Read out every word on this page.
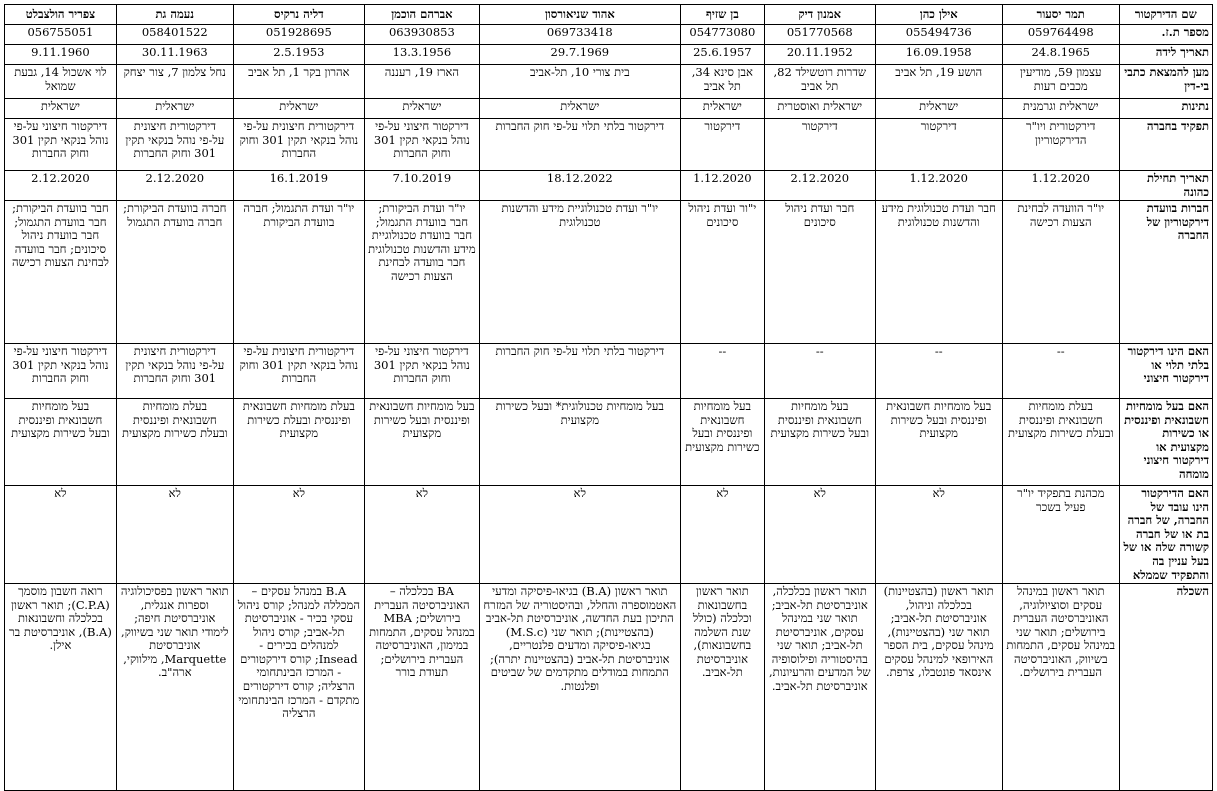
שם הדירקטור	תמר יסעור	אילן כהן	אמנון דיק	בן שזיף	אהוד שניאורסון	אברהם הוכמן	דליה נרקיס	נעמה גת	צפריר הולצבלט
מספר ת.ז.	059764498	055494736	051770568	054773080	069733418	063930853	051928695	058401522	056755051
תאריך לידה	24.8.1965	16.09.1958	20.11.1952	25.6.1957	29.7.1969	13.3.1956	2.5.1953	30.11.1963	9.11.1960
מען להמצאת כתבי בי-דין	עצמון 59, מודיעין מכבים רעות	הושע 19, תל אביב	שדרות רוטשילד 82, תל אביב	אבן סינא 34, תל אביב	בית צורי 10, תל-אביב	הארז 19, רעננה	אהרון בקר 1, תל אביב	נחל צלמון 7, צור יצחק	לוי אשכול 14, גבעת שמואל
נתינות	ישראלית וגרמנית	ישראלית	ישראלית ואוסטרית	ישראלית	ישראלית	ישראלית	ישראלית	ישראלית	ישראלית
תפקיד בחברה	דירקטורית ויו"ר הדירקטוריון	דירקטור	דירקטור	דירקטור	דירקטור בלתי תלוי על-פי חוק החברות	דירקטור חיצוני על-פי נוהל בנקאי תקין 301 וחוק החברות	דירקטורית חיצונית על-פי נוהל בנקאי תקין 301 וחוק החברות	דירקטורית חיצונית על-פי נוהל בנקאי תקין 301 וחוק החברות	דירקטור חיצוני על-פי נוהל בנקאי תקין 301 וחוק החברות
תאריך תחילת כהונה	1.12.2020	1.12.2020	2.12.2020	1.12.2020	18.12.2022	7.10.2019	16.1.2019	2.12.2020	2.12.2020
חברות בוועדת דירקטוריון של החברה	יו"ר הוועדה לבחינת הצעות רכישה	חבר ועדת טכנולוגית מידע והדשנות טכנולוגית	חבר ועדת ניהול סיכונים	י"ור ועדת ניהול סיכונים	יו"ר ועדת טכנולוגיית מידע והדשנות טכנולוגית	יו"ר ועדת הביקורת; חבר בוועדת התגמול; חבר בוועדת טכנולוגיית מידע והדשנות טכנולוגית חבר בוועדה לבחינת הצעות רכישה	יו"ר ועדת התגמול; חברה בוועדת הביקורת	חברה בוועדת הביקורת; חברה בוועדת התגמול	חבר בוועדת הביקורת; חבר בוועדת התגמול; חבר בוועדת ניהול סיכונים; חבר בוועדה לבחינת הצעות רכישה
האם הינו דירקטור בלתי תלוי או דירקטור חיצוני	--	--	--	--	דירקטור בלתי תלוי על-פי חוק החברות	דירקטור חיצוני על-פי נוהל בנקאי תקין 301 וחוק החברות	דירקטורית חיצונית על-פי נוהל בנקאי תקין 301 וחוק החברות	דירקטורית חיצונית על-פי נוהל בנקאי תקין 301 וחוק החברות	דירקטור חיצוני על-פי נוהל בנקאי תקין 301 וחוק החברות
האם בעל מומחיות חשבונאית ופיננסית או כשירות מקצועית או דירקטור חיצוני מומחה	בעלת מומחיות חשבונאית ופיננסית ובעלת כשירות מקצועית	בעל מומחיות חשבונאית ופיננסית ובעל כשירות מקצועית	בעל מומחיות חשבונאית ופיננסית ובעל כשירות מקצועית	בעל מומחיות חשבונאית ופיננסית ובעל כשירות מקצועית	בעל מומחיות טכנולוגית* ובעל כשירות מקצועית	בעל מומחיות חשבונאית ופיננסית ובעל כשירות מקצועית	בעלת מומחיות חשבונאית ופיננסית ובעלת כשירות מקצועית	בעלת מומחיות חשבונאית ופיננסית ובעלת כשירות מקצועית	בעל מומחיות חשבונאית ופיננסית ובעל כשירות מקצועית
האם הדירקטור הינו עובד של החברה, של חברה בת או של חברה קשורה שלה או של בעל עניין בה והתפקיד שממלא	מכהנת בתפקיד יו"ר פעיל בשכר	לא	לא	לא	לא	לא	לא	לא	לא
השכלה	תואר ראשון במינהל עסקים וסוציולוגיה, האוניברסיטה העברית בירושלים; תואר שני במינהל עסקים, התמחות בשיווק, האוניברסיטה העברית בירושלים.	תואר ראשון (בהצטיינות) בכלכלה וניהול, אוניברסיטת תל-אביב; תואר שני (בהצטיינות), מינהל עסקים, בית הספר האירופאי למינהל עסקים אינסאד פונטבלו, צרפת.	תואר ראשון בכלכלה, אוניברסיטת תל-אביב; תואר שני במינהל עסקים, אוניברסיטת תל-אביב; תואר שני בהיסטוריה ופילוסופיה של המדעים והרעיונות, אוניברסיטת תל-אביב.	תואר ראשון בחשבונאות וכלכלה (כולל שנת השלמה בחשבונאות), אוניברסיטת תל-אביב.	תואר ראשון (B.A) בגיאו-פיסיקה ומדעי האטמוספרה והחלל, ובהיסטוריה של המזרח התיכון בעת החדשה, אוניברסיטת תל-אביב (בהצטיינות); תואר שני (M.S.c) בגיאו-פיסיקה ומדעים פלנטריים, אוניברסיטת תל-אביב (בהצטיינות יתרה); התמחות במודלים מתקדמים של שביטים ופלנטות.	BA בכלכלה – האוניברסיטה העברית בירושלים; MBA במנהל עסקים, התמחות במימון, האוניברסיטה העברית בירושלים; תעודת בורר	B.A במנהל עסקים – המכללה למנהל; קורס ניהול עסקי בכיר - אוניברסיטת תל-אביב; קורס ניהול למנהלים בכירים - Insead; קורס דירקטורים - המרכז הבינתחומי הרצליה; קורס דירקטורים מתקדם - המרכז הבינתחומי הרצליה	תואר ראשון בפסיכולוגיה וספרות אנגלית, אוניברסיטת חיפה; לימודי תואר שני בשיווק, אוניברסיטת Marquette, מילווקי, ארה"ב.	רואה חשבון מוסמך (C.P.A); תואר ראשון בכלכלה וחשבונאות (B.A), אוניברסיטת בר אילן.
